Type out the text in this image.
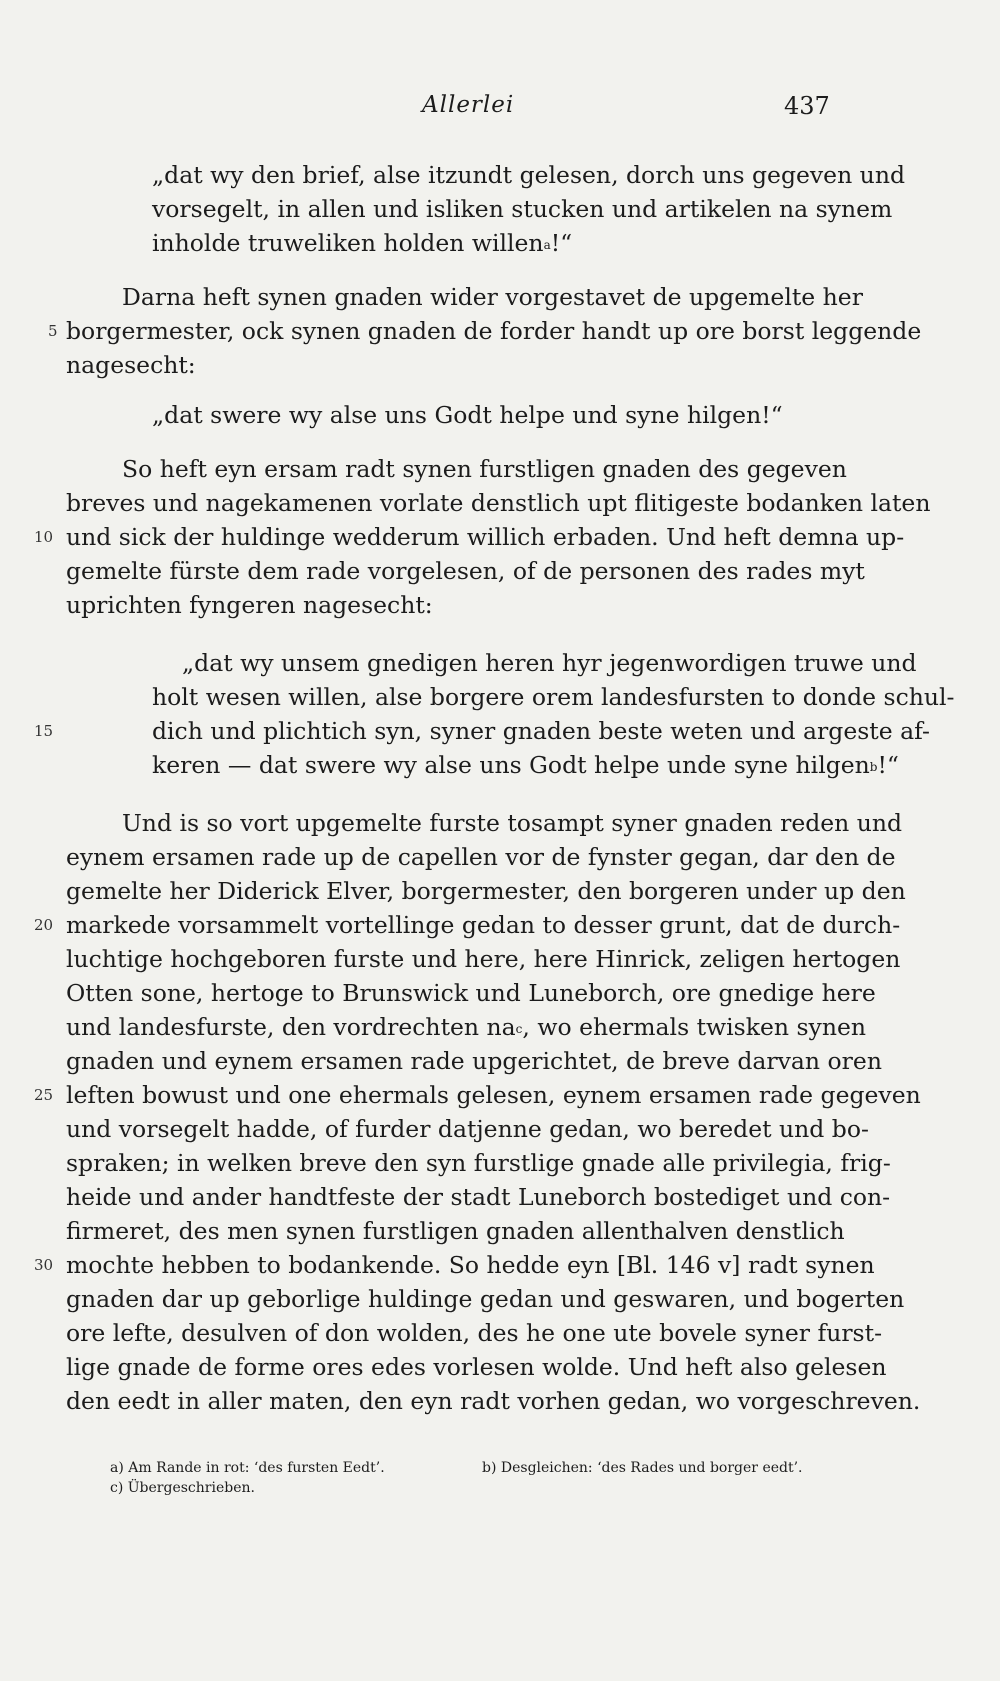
Allerlei	437
„dat wy den brief, alse itzundt gelesen, dorch uns gegeven und
vorsegelt, in allen und isliken stucken und artikelen na synem
inholde truweliken holden willen$^a$!“
Darna heft synen gnaden wider vorgestavet de upgemelte her
borgermester, ock synen gnaden de forder handt up ore borst leggende
nagesecht:
„dat swere wy alse uns Godt helpe und syne hilgen!“
So heft eyn ersam radt synen furstligen gnaden des gegeven
breves und nagekamenen vorlate denstlich upt flitigeste bodanken laten
und sick der huldinge wedderum willich erbaden. Und heft demna up-
gemelte fürste dem rade vorgelesen, of de personen des rades myt
uprichten fyngeren nagesecht:
„dat wy unsem gnedigen heren hyr jegenwordigen truwe und
holt wesen willen, alse borgere orem landesfursten to donde schul-
dich und plichtich syn, syner gnaden beste weten und argeste af-
keren — dat swere wy alse uns Godt helpe unde syne hilgen$^b$!“
Und is so vort upgemelte furste tosampt syner gnaden reden und
eynem ersamen rade up de capellen vor de fynster gegan, dar den de
gemelte her Diderick Elver, borgermester, den borgeren under up den
markede vorsammelt vortellinge gedan to desser grunt, dat de durch-
luchtige hochgeboren furste und here, here Hinrick, zeligen hertogen
Otten sone, hertoge to Brunswick und Luneborch, ore gnedige here
und landesfurste, den vordrechten $na^c$, wo ehermals twisken synen
gnaden und eynem ersamen rade upgerichtet, de breve darvan oren
leften bowust und one ehermals gelesen, eynem ersamen rade gegeven
und vorsegelt hadde, of furder datjenne gedan, wo beredet und bo-
spraken; in welken breve den syn furstlige gnade alle privilegia, frig-
heide und ander handtfeste der stadt Luneborch bostediget und con-
firmeret, des men synen furstligen gnaden allenthalven denstlich
mochte hebben to bodankende. So hedde eyn [Bl. 146 v] radt synen
gnaden dar up geborlige huldinge gedan und geswaren, und bogerten
ore lefte, desulven of don wolden, des he one ute bovele syner furst-
lige gnade de forme ores edes vorlesen wolde. Und heft also gelesen
den eedt in aller maten, den eyn radt vorhen gedan, wo vorgeschreven.
5
10
15
20
25
30
a) Am Rande in rot: ‘des fursten Eedt’.	b) Desgleichen: ‘des Rades und borger eedt’.
c) Übergeschrieben.
